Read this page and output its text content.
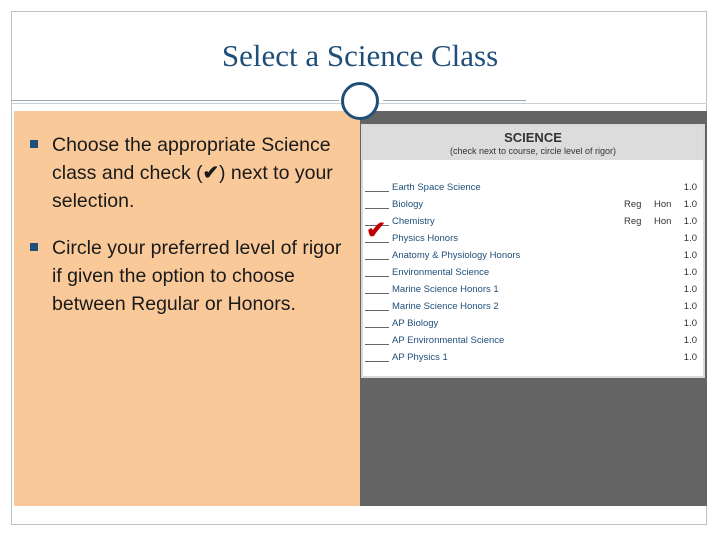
Select a Science Class
Choose the appropriate Science class and check (✔) next to your selection.
Circle your preferred level of rigor if given the option to choose between Regular or Honors.
SCIENCE
(check next to course, circle level of rigor)
Earth Space Science	1.0
Biology	Reg Hon 1.0
Chemistry	Reg Hon 1.0
Physics Honors	1.0
Anatomy & Physiology Honors	1.0
Environmental Science	1.0
Marine Science Honors 1	1.0
Marine Science Honors 2	1.0
AP Biology	1.0
AP Environmental Science	1.0
AP Physics 1	1.0
✔
